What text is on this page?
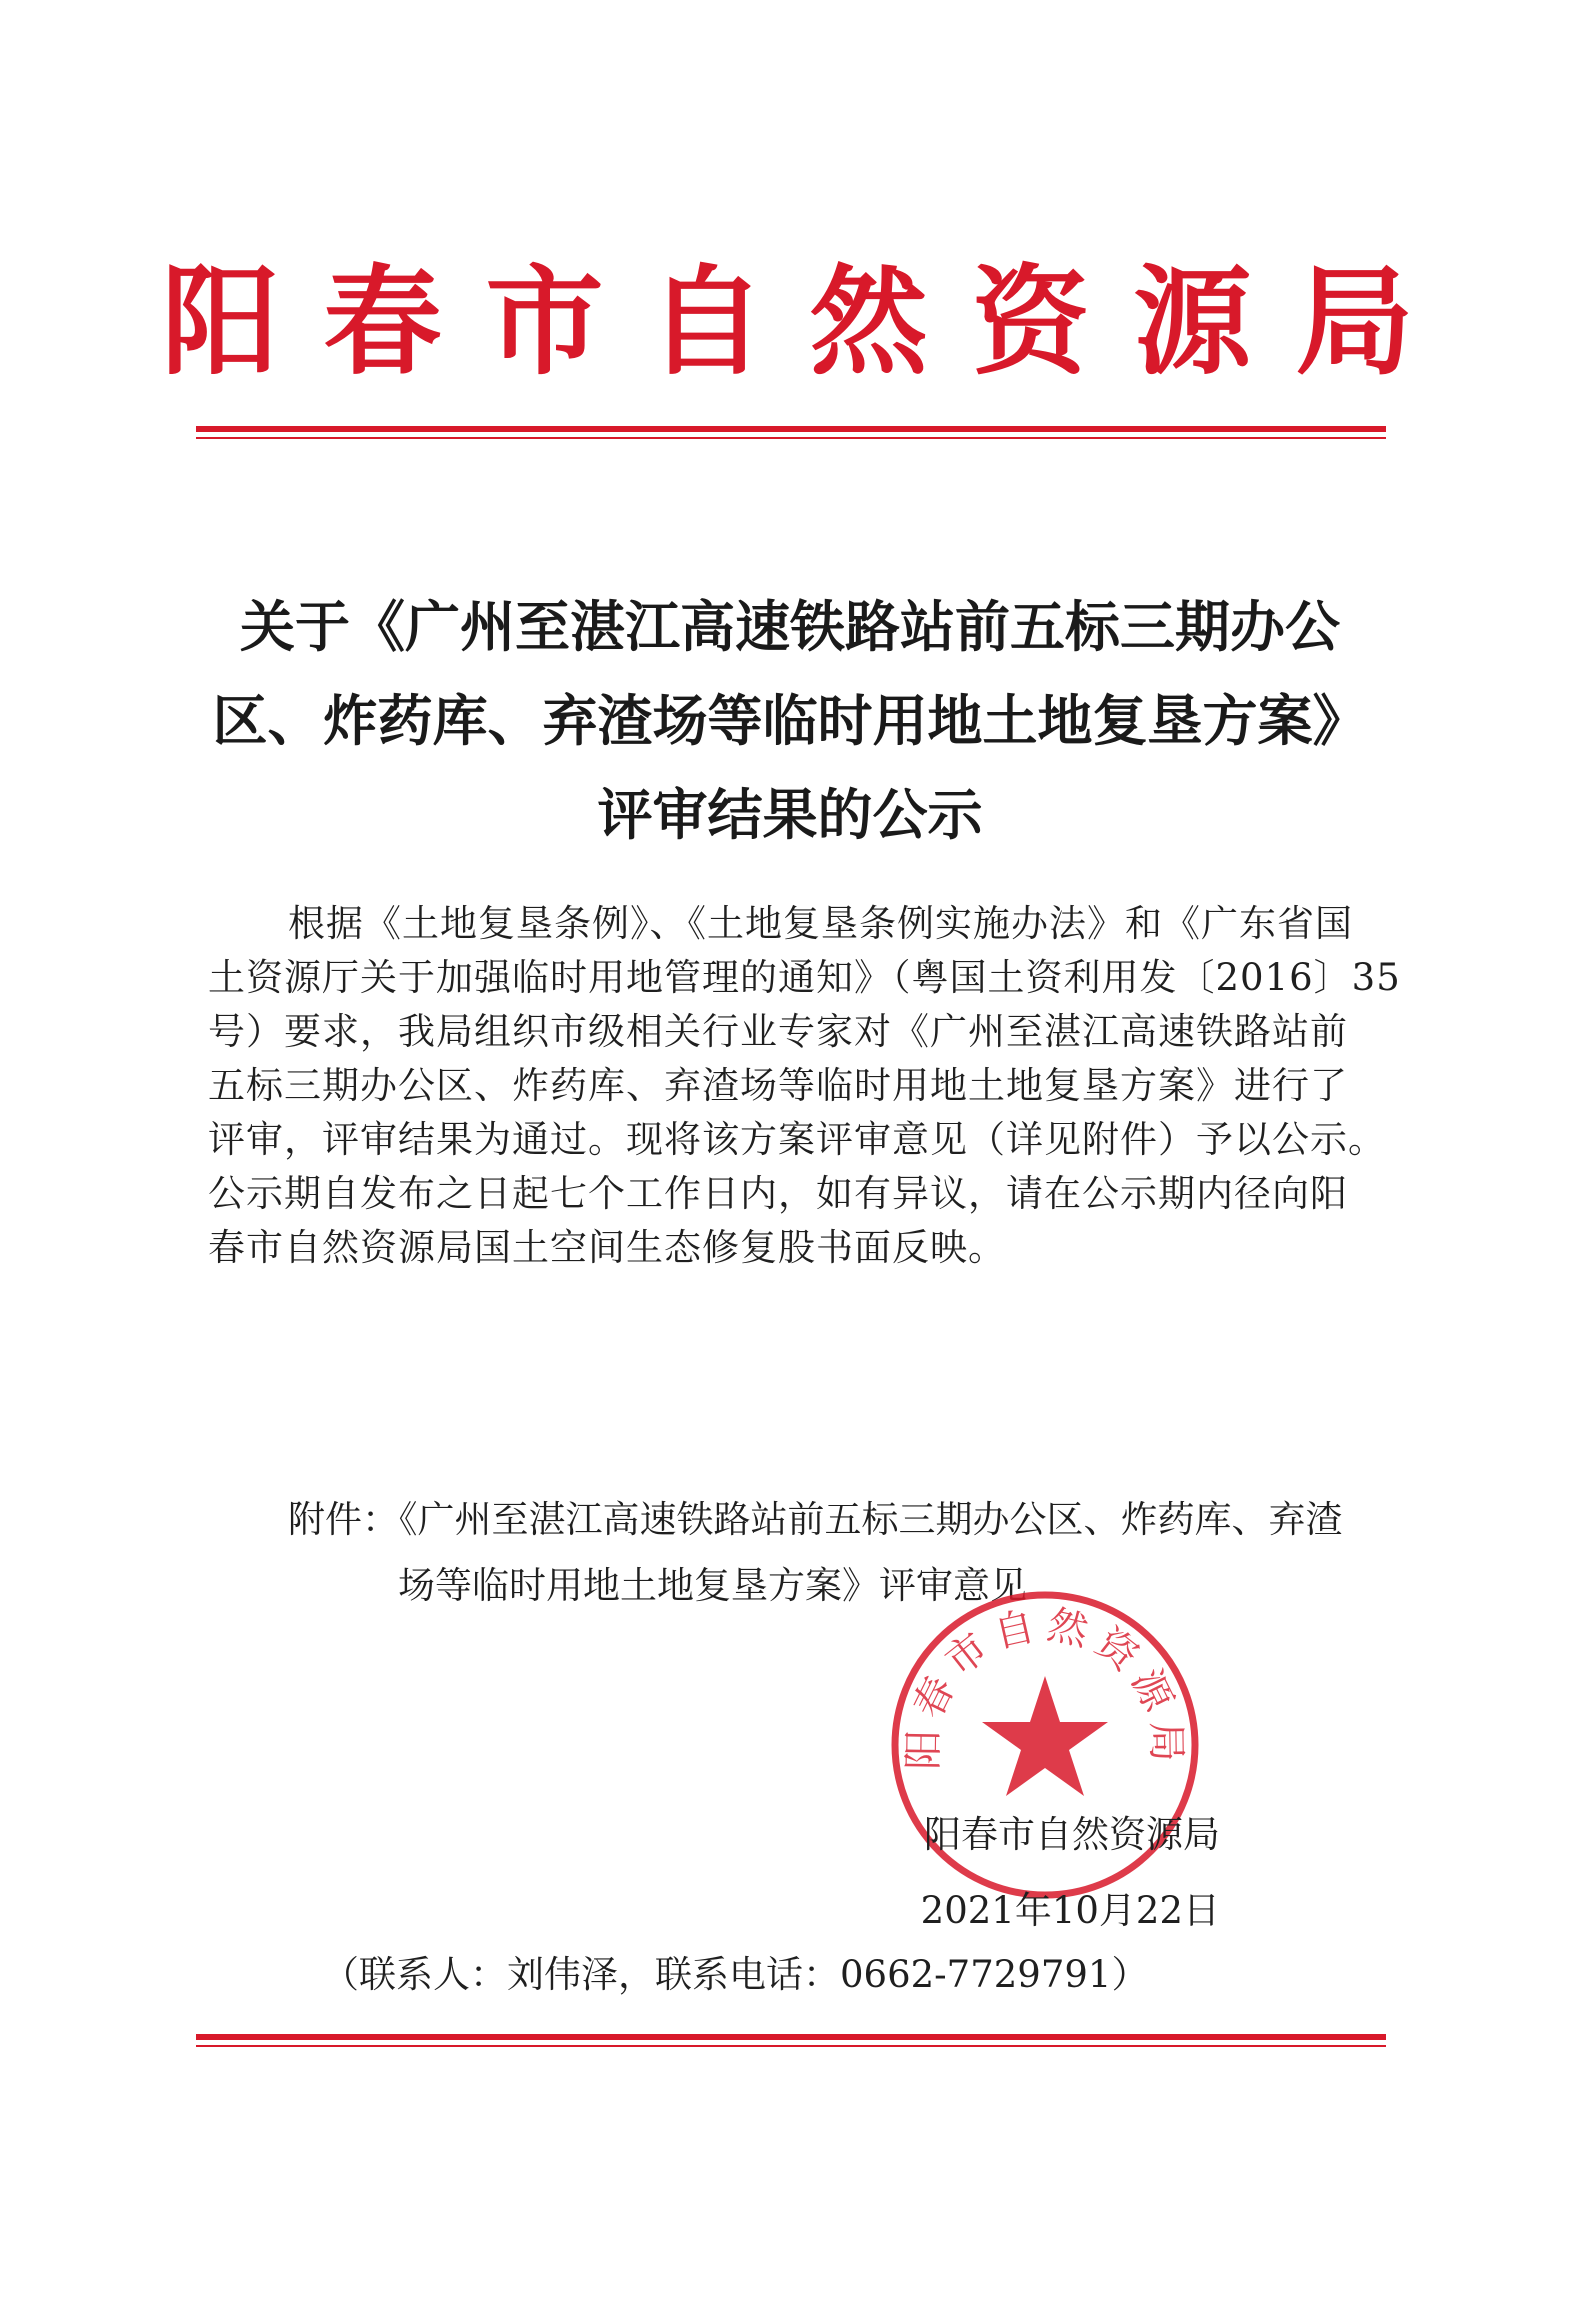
阳春市自然资源局
关于《广州至湛江高速铁路站前五标三期办公
区、炸药库、弃渣场等临时用地土地复垦方案》
评审结果的公示
根据《土地复垦条例》、《土地复垦条例实施办法》和《广东省国
土资源厅关于加强临时用地管理的通知》（粤国土资利用发〔2016〕35
号）要求，我局组织市级相关行业专家对《广州至湛江高速铁路站前
五标三期办公区、炸药库、弃渣场等临时用地土地复垦方案》进行了
评审，评审结果为通过。现将该方案评审意见（详见附件）予以公示。
公示期自发布之日起七个工作日内，如有异议，请在公示期内径向阳
春市自然资源局国土空间生态修复股书面反映。
附件：《广州至湛江高速铁路站前五标三期办公区、炸药库、弃渣
场等临时用地土地复垦方案》评审意见
阳春市自然资源局
阳春市自然资源局
2021年10月22日
（联系人：刘伟泽，联系电话：0662-7729791）
